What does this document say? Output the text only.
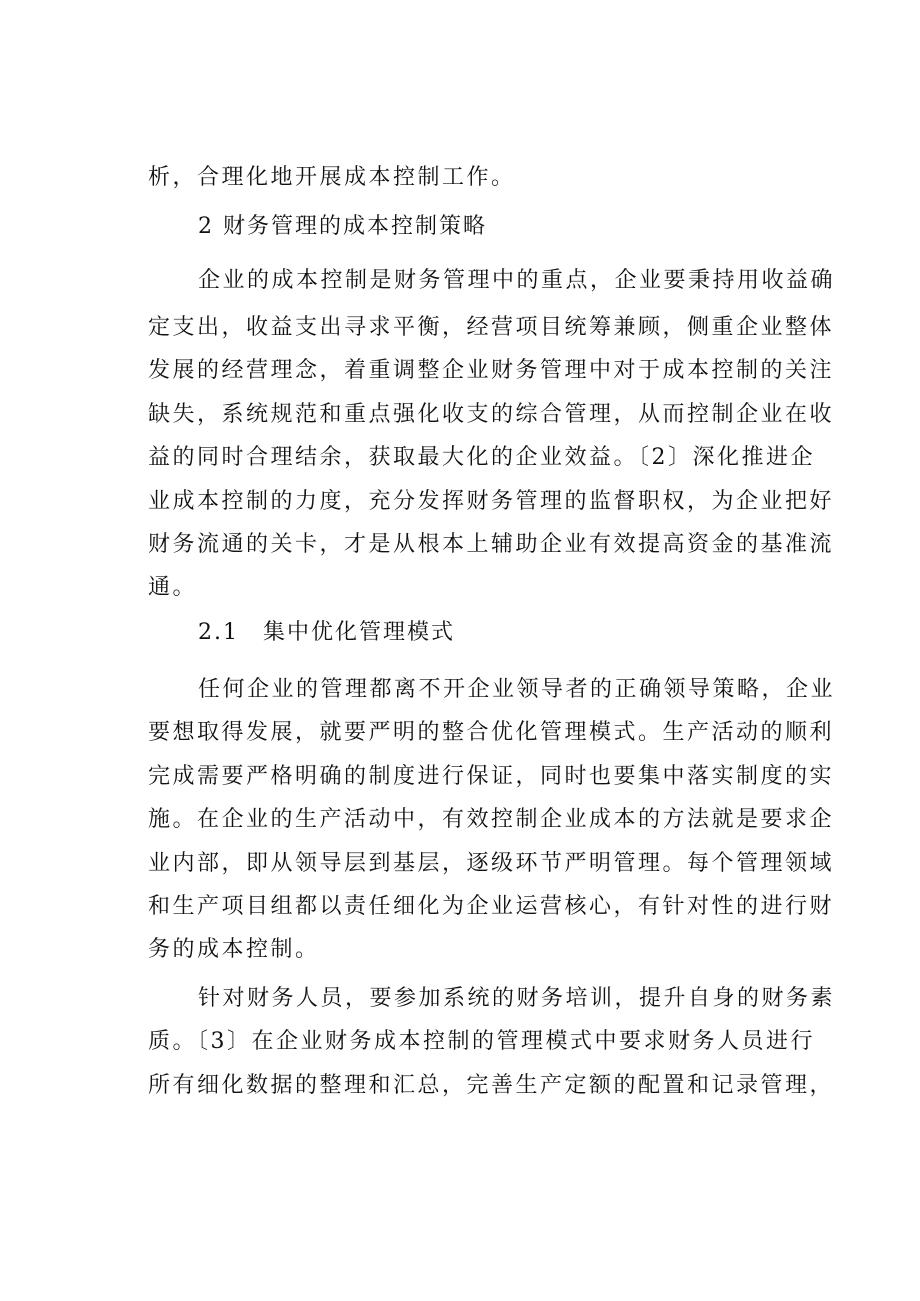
析，合理化地开展成本控制工作。

2 财务管理的成本控制策略

企业的成本控制是财务管理中的重点，企业要秉持用收益确

定支出，收益支出寻求平衡，经营项目统筹兼顾，侧重企业整体

发展的经营理念，着重调整企业财务管理中对于成本控制的关注

缺失，系统规范和重点强化收支的综合管理，从而控制企业在收

益的同时合理结余，获取最大化的企业效益。〔2〕深化推进企

业成本控制的力度，充分发挥财务管理的监督职权，为企业把好

财务流通的关卡，才是从根本上辅助企业有效提高资金的基准流

通。

2.1　集中优化管理模式

任何企业的管理都离不开企业领导者的正确领导策略，企业

要想取得发展，就要严明的整合优化管理模式。生产活动的顺利

完成需要严格明确的制度进行保证，同时也要集中落实制度的实

施。在企业的生产活动中，有效控制企业成本的方法就是要求企

业内部，即从领导层到基层，逐级环节严明管理。每个管理领域

和生产项目组都以责任细化为企业运营核心，有针对性的进行财

务的成本控制。

针对财务人员，要参加系统的财务培训，提升自身的财务素

质。〔3〕在企业财务成本控制的管理模式中要求财务人员进行

所有细化数据的整理和汇总，完善生产定额的配置和记录管理，
